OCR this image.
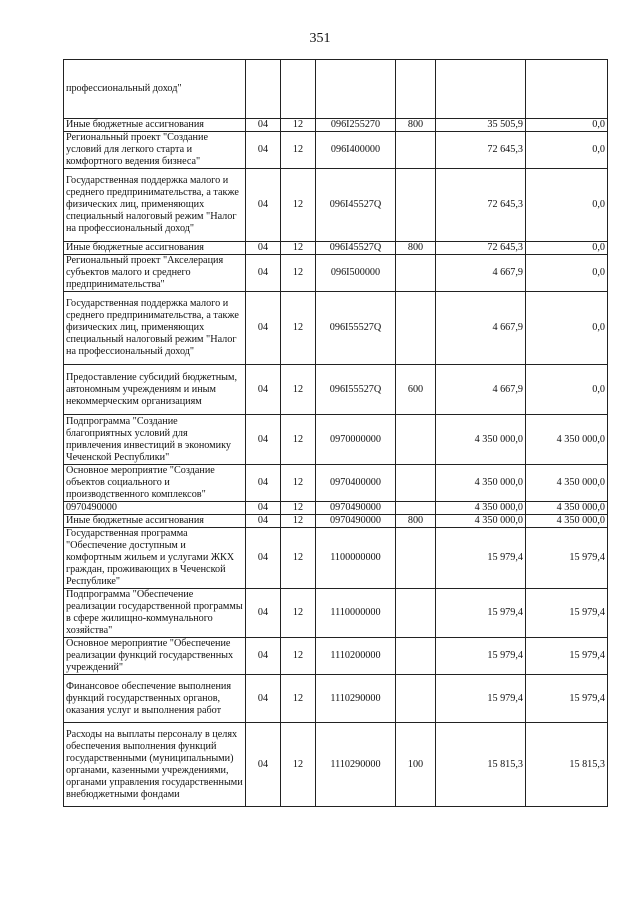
351
профессиональный доход"						
Иные бюджетные ассигнования	04	12	096I255270	800	35 505,9	0,0
Региональный проект "Создание условий для легкого старта и комфортного ведения бизнеса"	04	12	096I400000		72 645,3	0,0
Государственная поддержка малого и среднего предпринимательства, а также физических лиц, применяющих специальный налоговый режим "Налог на профессиональный доход"	04	12	096I45527Q		72 645,3	0,0
Иные бюджетные ассигнования	04	12	096I45527Q	800	72 645,3	0,0
Региональный проект "Акселерация субъектов малого и среднего предпринимательства"	04	12	096I500000		4 667,9	0,0
Государственная поддержка малого и среднего предпринимательства, а также физических лиц, применяющих специальный налоговый режим "Налог на профессиональный доход"	04	12	096I55527Q		4 667,9	0,0
Предоставление субсидий бюджетным, автономным учреждениям и иным некоммерческим организациям	04	12	096I55527Q	600	4 667,9	0,0
Подпрограмма "Создание благоприятных условий для привлечения инвестиций в экономику Чеченской Республики"	04	12	0970000000		4 350 000,0	4 350 000,0
Основное мероприятие "Создание объектов социального и производственного комплексов"	04	12	0970400000		4 350 000,0	4 350 000,0
0970490000	04	12	0970490000		4 350 000,0	4 350 000,0
Иные бюджетные ассигнования	04	12	0970490000	800	4 350 000,0	4 350 000,0
Государственная программа "Обеспечение доступным и комфортным жильем и услугами ЖКХ граждан, проживающих в Чеченской Республике"	04	12	1100000000		15 979,4	15 979,4
Подпрограмма "Обеспечение реализации государственной программы в сфере жилищно-коммунального хозяйства"	04	12	1110000000		15 979,4	15 979,4
Основное мероприятие "Обеспечение реализации функций государственных учреждений"	04	12	1110200000		15 979,4	15 979,4
Финансовое обеспечение выполнения функций государственных органов, оказания услуг и выполнения работ	04	12	1110290000		15 979,4	15 979,4
Расходы на выплаты персоналу в целях обеспечения выполнения функций государственными (муниципальными) органами, казенными учреждениями, органами управления государственными внебюджетными фондами	04	12	1110290000	100	15 815,3	15 815,3
